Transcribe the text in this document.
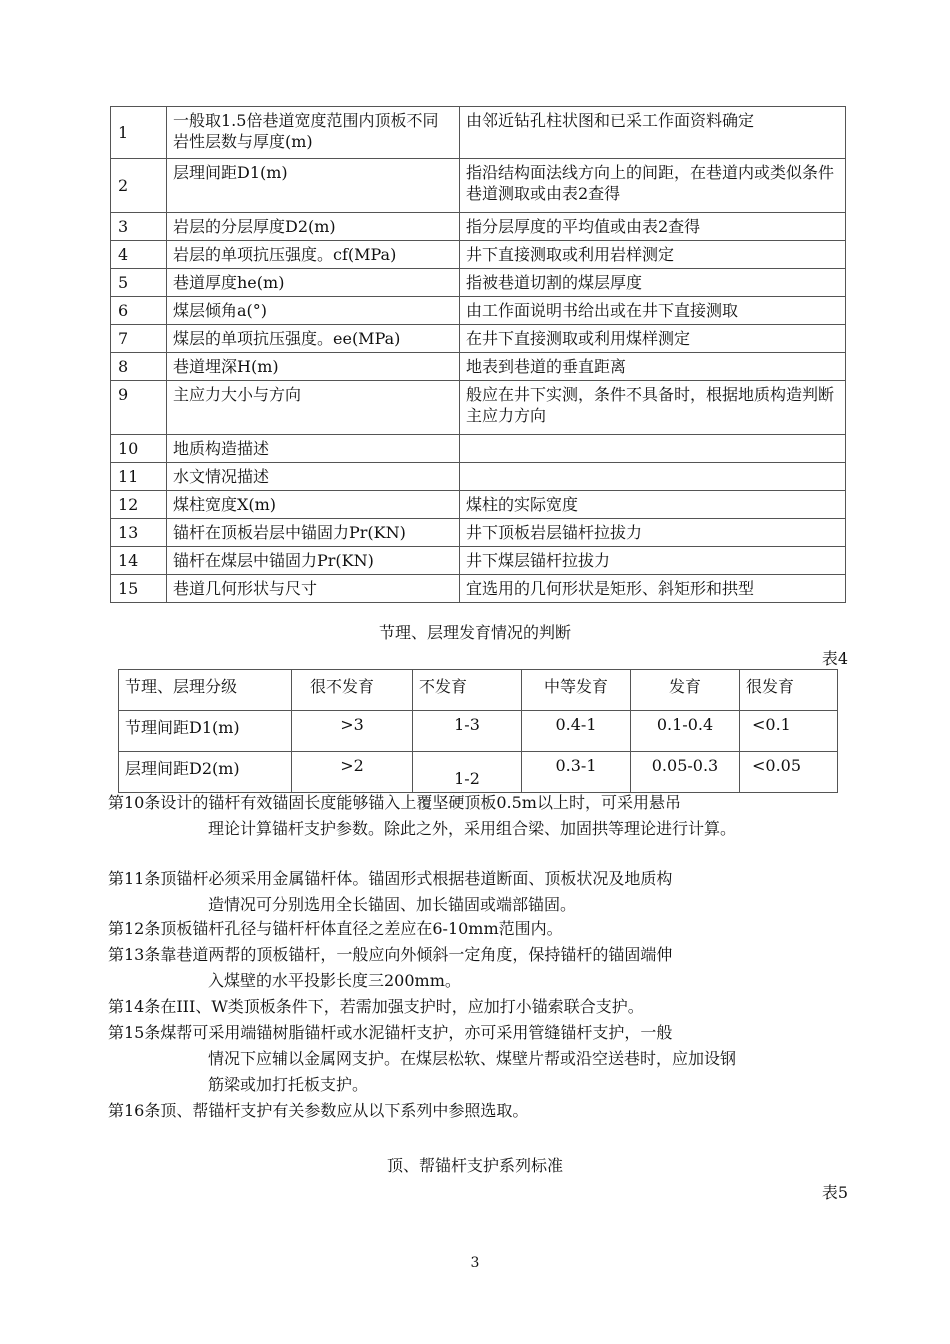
1	一般取1.5倍巷道宽度范围内顶板不同岩性层数与厚度(m)	由邻近钻孔柱状图和已采工作面资料确定
2	层理间距D1(m)	指沿结构面法线方向上的间距，在巷道内或类似条件巷道测取或由表2查得
3	岩层的分层厚度D2(m)	指分层厚度的平均值或由表2查得
4	岩层的单项抗压强度。cf(MPa)	井下直接测取或利用岩样测定
5	巷道厚度he(m)	指被巷道切割的煤层厚度
6	煤层倾角a(°)	由工作面说明书给出或在井下直接测取
7	煤层的单项抗压强度。ee(MPa)	在井下直接测取或利用煤样测定
8	巷道埋深H(m)	地表到巷道的垂直距离
9	主应力大小与方向	般应在井下实测，条件不具备时，根据地质构造判断主应力方向
10	地质构造描述	
11	水文情况描述	
12	煤柱宽度X(m)	煤柱的实际宽度
13	锚杆在顶板岩层中锚固力Pr(KN)	井下顶板岩层锚杆拉拔力
14	锚杆在煤层中锚固力Pr(KN)	井下煤层锚杆拉拔力
15	巷道几何形状与尺寸	宜选用的几何形状是矩形、斜矩形和拱型
节理、层理发育情况的判断
表4
节理、层理分级	很不发育	不发育	中等发育	发育	很发育
节理间距D1(m)	>3	1-3	0.4-1	0.1-0.4	<0.1
层理间距D2(m)	>2	1-2	0.3-1	0.05-0.3	<0.05
第10条设计的锚杆有效锚固长度能够锚入上覆坚硬顶板0.5m以上时，可采用悬吊
理论计算锚杆支护参数。除此之外，采用组合梁、加固拱等理论进行计算。
第11条顶锚杆必须采用金属锚杆体。锚固形式根据巷道断面、顶板状况及地质构
造情况可分别选用全长锚固、加长锚固或端部锚固。
第12条顶板锚杆孔径与锚杆杆体直径之差应在6-10mm范围内。
第13条靠巷道两帮的顶板锚杆，一般应向外倾斜一定角度，保持锚杆的锚固端伸
入煤壁的水平投影长度三200mm。
第14条在III、W类顶板条件下，若需加强支护时，应加打小锚索联合支护。
第15条煤帮可采用端锚树脂锚杆或水泥锚杆支护，亦可采用管缝锚杆支护，一般
情况下应辅以金属网支护。在煤层松软、煤壁片帮或沿空送巷时，应加设钢
筋梁或加打托板支护。
第16条顶、帮锚杆支护有关参数应从以下系列中参照选取。
顶、帮锚杆支护系列标准
表5
3
